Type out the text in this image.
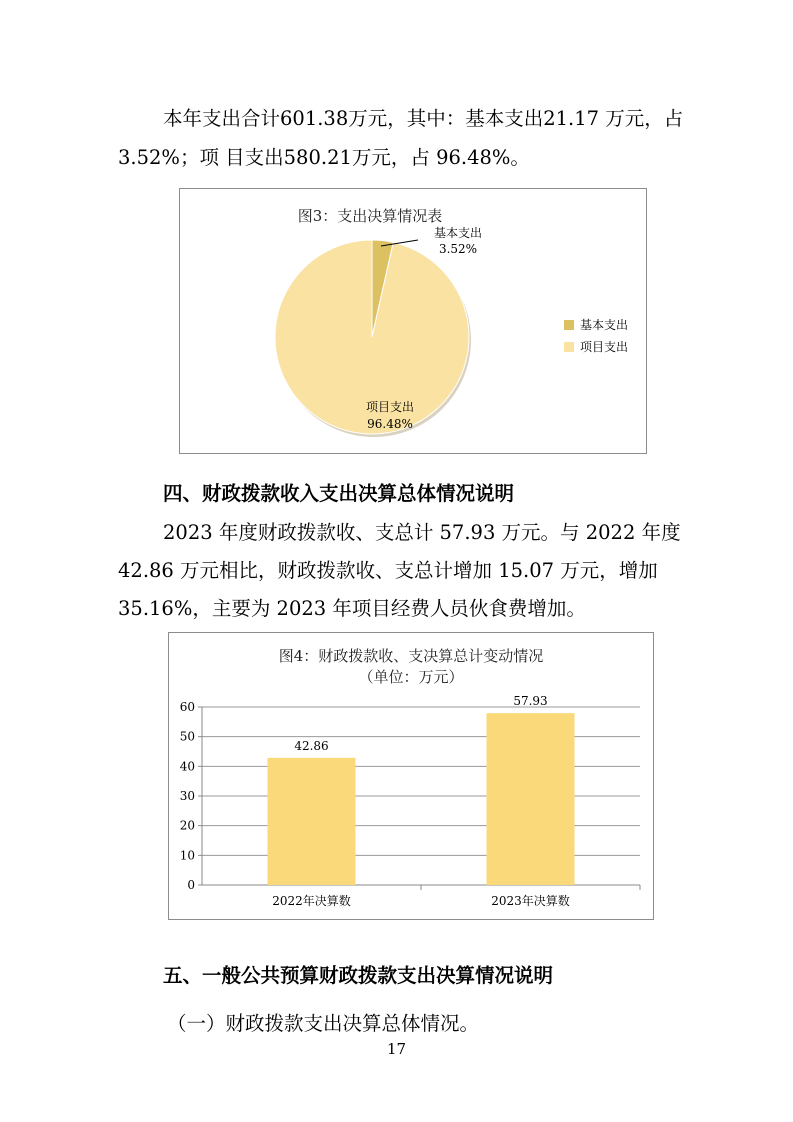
本年支出合计601.38万元，其中：基本支出21.17 万元，占
3.52%；项 目支出580.21万元，占 96.48%。
图3：支出决算情况表
基本支出
3.52%
项目支出
96.48%
基本支出
项目支出
四、财政拨款收入支出决算总体情况说明
2023 年度财政拨款收、支总计 57.93 万元。与 2022 年度
42.86 万元相比，财政拨款收、支总计增加 15.07 万元，增加
35.16%，主要为 2023 年项目经费人员伙食费增加。
图4：财政拨款收、支决算总计变动情况
（单位：万元）
0
10
20
30
40
50
60
42.86
2022年决算数
57.93
2023年决算数
五、一般公共预算财政拨款支出决算情况说明
（一）财政拨款支出决算总体情况。
17
